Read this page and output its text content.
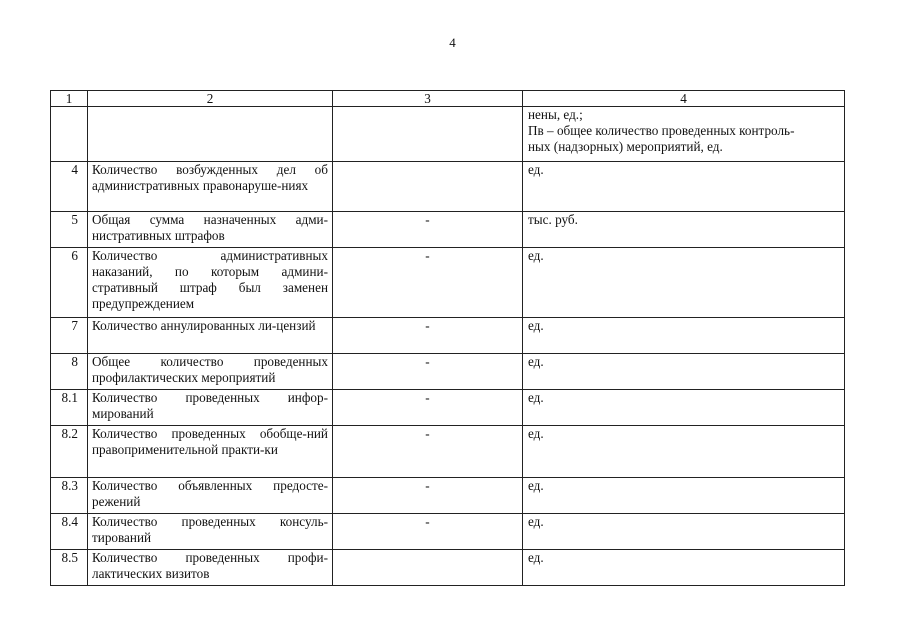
4
1	2	3	4

			нены, ед.;
Пв – общее количество проведенных контроль-
ных (надзорных) мероприятий, ед.

4	Количество возбужденных дел об административных правонаруше-ниях		ед.
5	Общая сумма назначенных адми-нистративных штрафов	-	тыс. руб.
6	Количество административных наказаний, по которым админи-стративный штраф был заменен предупреждением	-	ед.
7	Количество аннулированных ли-цензий	-	ед.
8	Общее количество проведенных профилактических мероприятий	-	ед.
8.1	Количество проведенных инфор-мирований	-	ед.
8.2	Количество проведенных обобще-ний правоприменительной практи-ки	-	ед.
8.3	Количество объявленных предосте-режений	-	ед.
8.4	Количество проведенных консуль-тирований	-	ед.
8.5	Количество проведенных профи-лактических визитов		ед.
